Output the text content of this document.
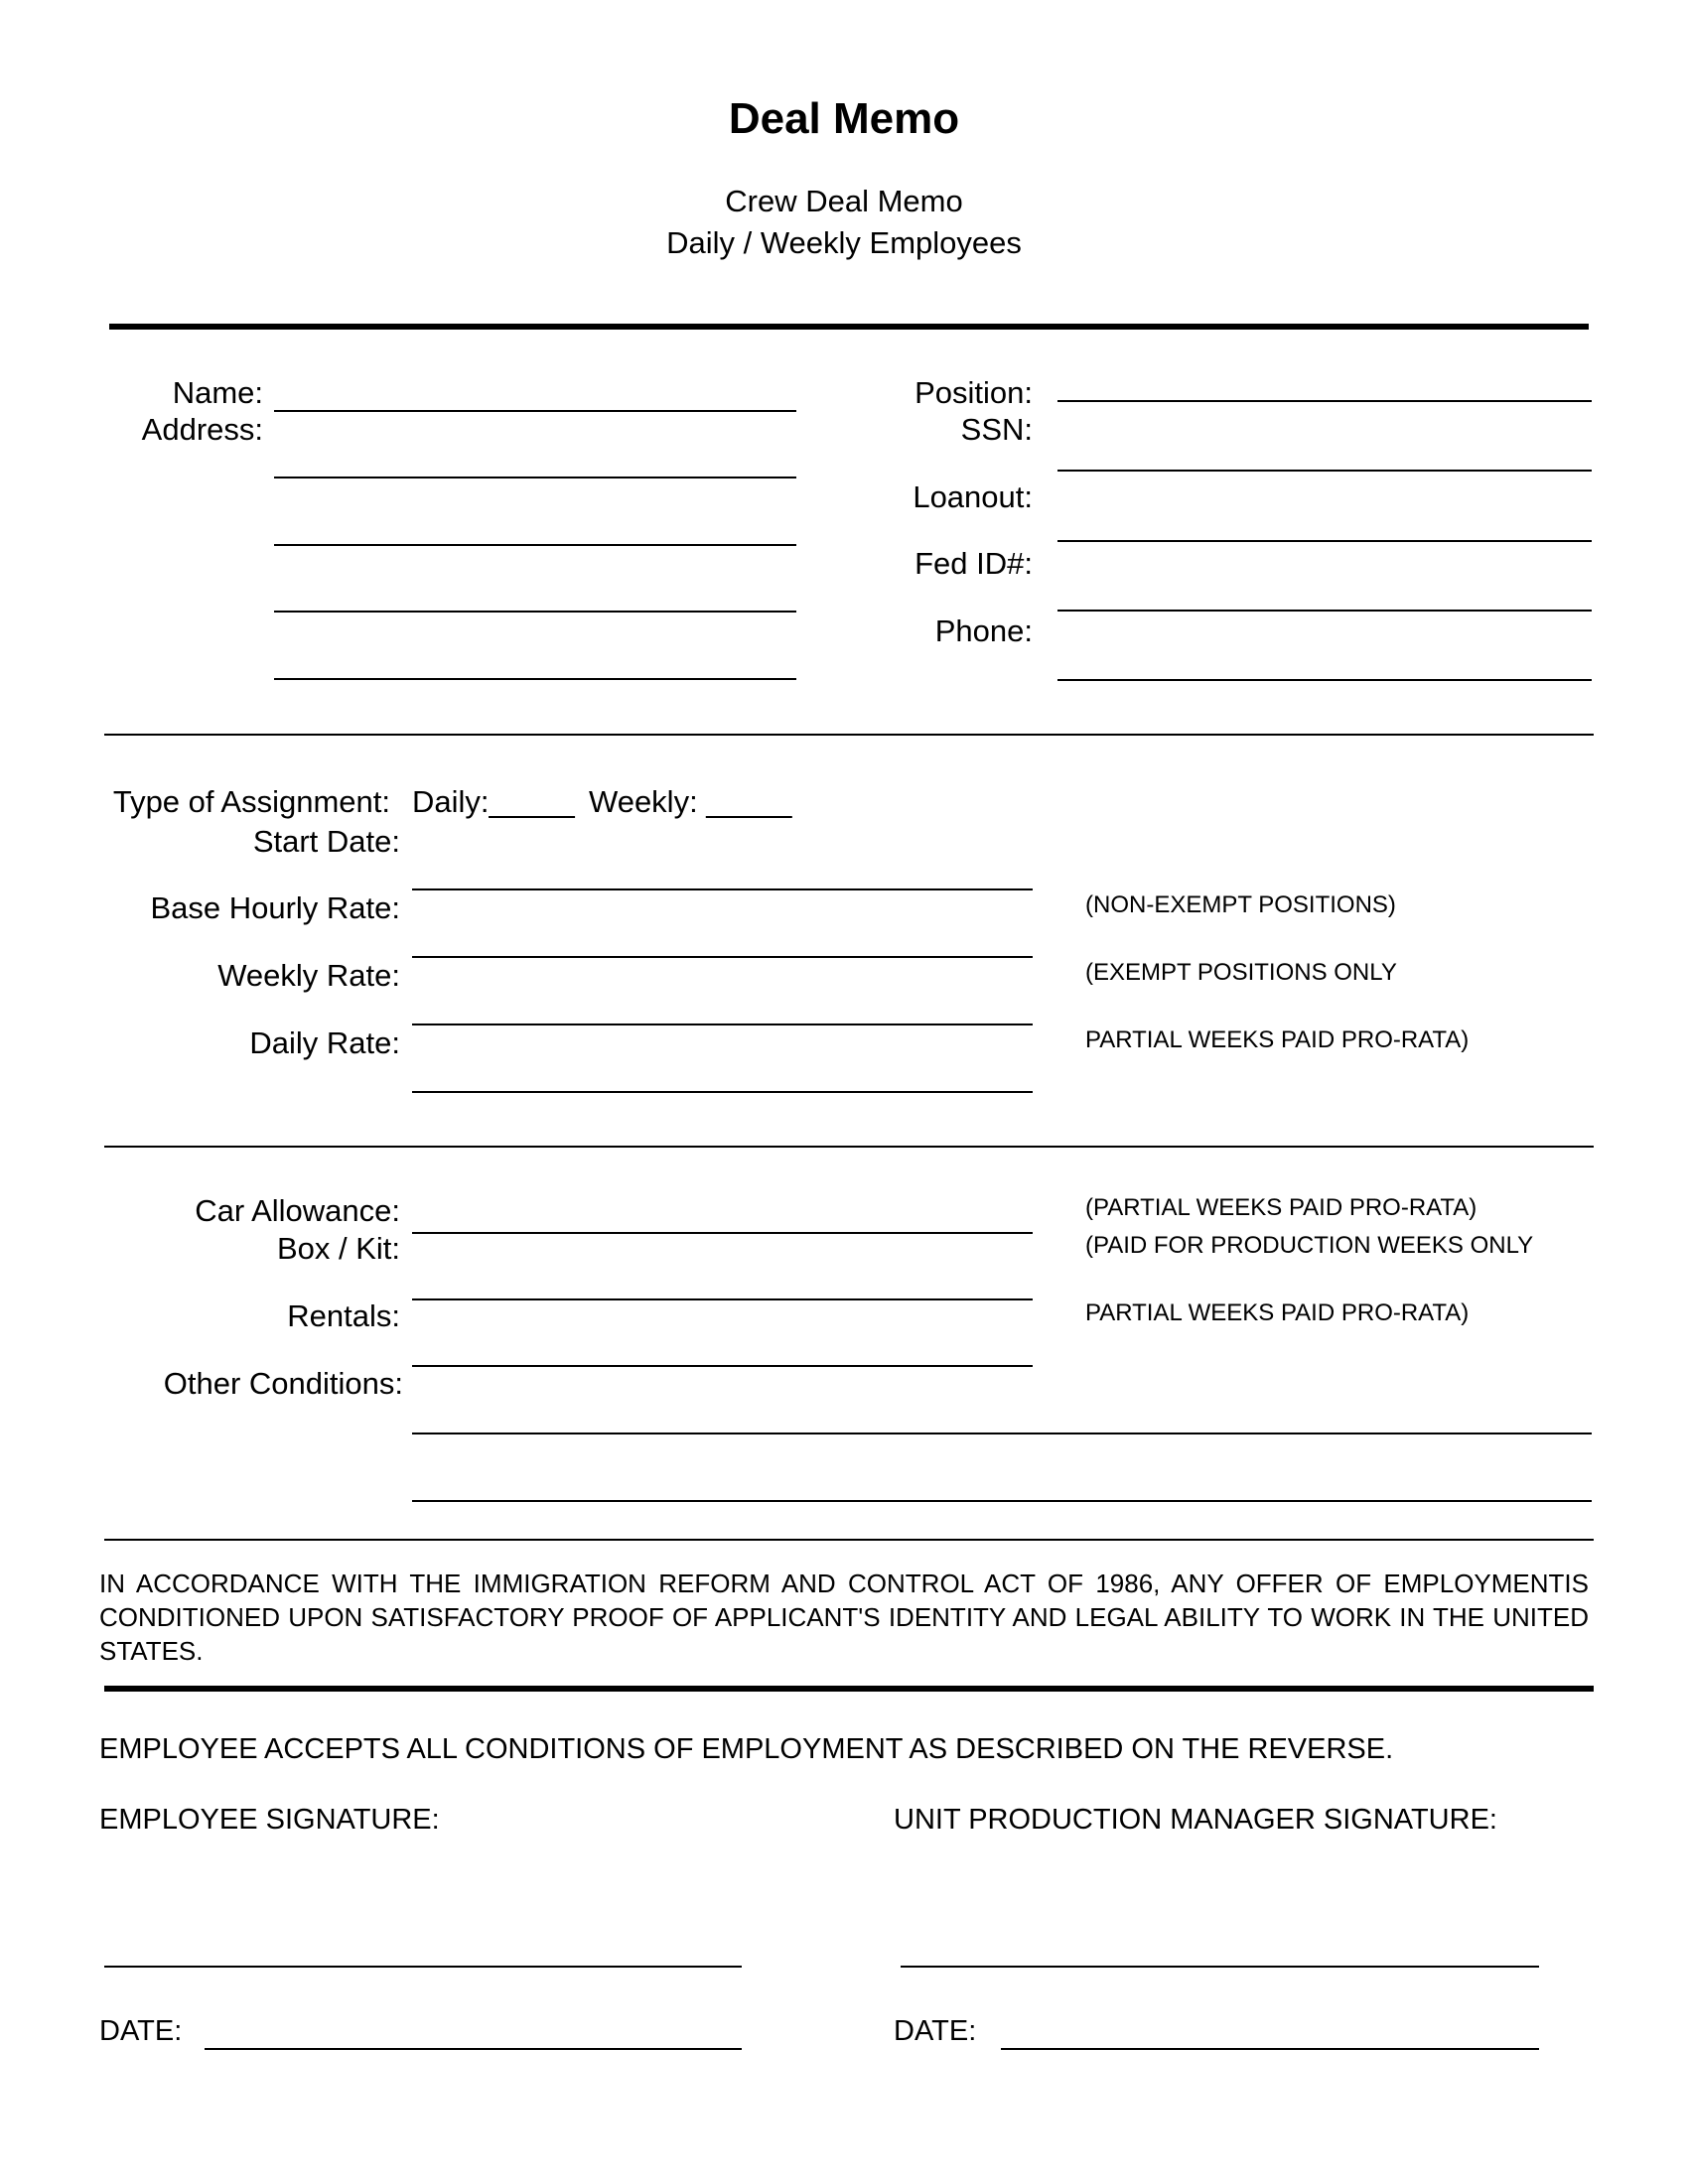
Deal Memo
Crew Deal Memo
Daily / Weekly Employees
Name:
Address:
Position:
SSN:
Loanout:
Fed ID#:
Phone:
Type of Assignment: Daily:_____ Weekly: _____
Start Date:
Base Hourly Rate:
Weekly Rate:
Daily Rate:
(NON-EXEMPT POSITIONS)
(EXEMPT POSITIONS ONLY
PARTIAL WEEKS PAID PRO-RATA)
Car Allowance:
Box / Kit:
Rentals:
Other Conditions:
(PARTIAL WEEKS PAID PRO-RATA)
(PAID FOR PRODUCTION WEEKS ONLY
PARTIAL WEEKS PAID PRO-RATA)
IN ACCORDANCE WITH THE IMMIGRATION REFORM AND CONTROL ACT OF 1986, ANY OFFER OF EMPLOYMENTIS CONDITIONED UPON SATISFACTORY PROOF OF APPLICANT'S IDENTITY AND LEGAL ABILITY TO WORK IN THE UNITED STATES.
EMPLOYEE ACCEPTS ALL CONDITIONS OF EMPLOYMENT AS DESCRIBED ON THE REVERSE.
EMPLOYEE SIGNATURE:	UNIT PRODUCTION MANAGER SIGNATURE:
DATE:	DATE:
